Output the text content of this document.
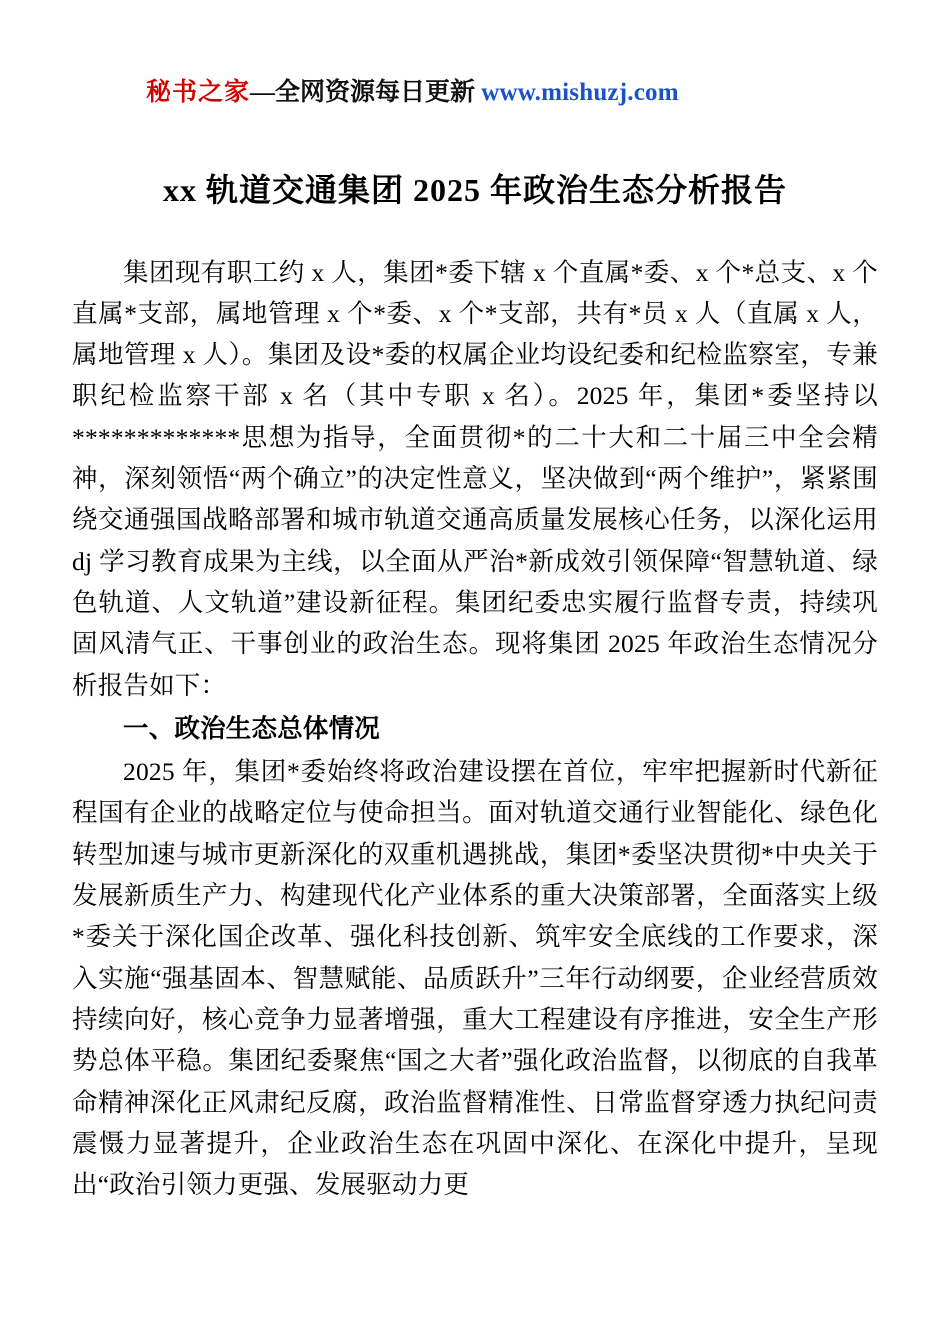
秘书之家—全网资源每日更新 www.mishuzj.com
xx 轨道交通集团 2025 年政治生态分析报告

集团现有职工约 x 人，集团*委下辖 x 个直属*委、x 个*总支、x 个直属*支部，属地管理 x 个*委、x 个*支部，共有*员 x 人（直属 x 人，属地管理 x 人）。集团及设*委的权属企业均设纪委和纪检监察室，专兼职纪检监察干部 x 名（其中专职 x 名）。2025 年，集团*委坚持以*************思想为指导，全面贯彻*的二十大和二十届三中全会精神，深刻领悟“两个确立”的决定性意义，坚决做到“两个维护”，紧紧围绕交通强国战略部署和城市轨道交通高质量发展核心任务，以深化运用 dj 学习教育成果为主线，以全面从严治*新成效引领保障“智慧轨道、绿色轨道、人文轨道”建设新征程。集团纪委忠实履行监督专责，持续巩固风清气正、干事创业的政治生态。现将集团 2025 年政治生态情况分析报告如下：

一、政治生态总体情况

2025 年，集团*委始终将政治建设摆在首位，牢牢把握新时代新征程国有企业的战略定位与使命担当。面对轨道交通行业智能化、绿色化转型加速与城市更新深化的双重机遇挑战，集团*委坚决贯彻*中央关于发展新质生产力、构建现代化产业体系的重大决策部署，全面落实上级*委关于深化国企改革、强化科技创新、筑牢安全底线的工作要求，深入实施“强基固本、智慧赋能、品质跃升”三年行动纲要，企业经营质效持续向好，核心竞争力显著增强，重大工程建设有序推进，安全生产形势总体平稳。集团纪委聚焦“国之大者”强化政治监督，以彻底的自我革命精神深化正风肃纪反腐，政治监督精准性、日常监督穿透力执纪问责震慑力显著提升，企业政治生态在巩固中深化、在深化中提升，呈现出“政治引领力更强、发展驱动力更
